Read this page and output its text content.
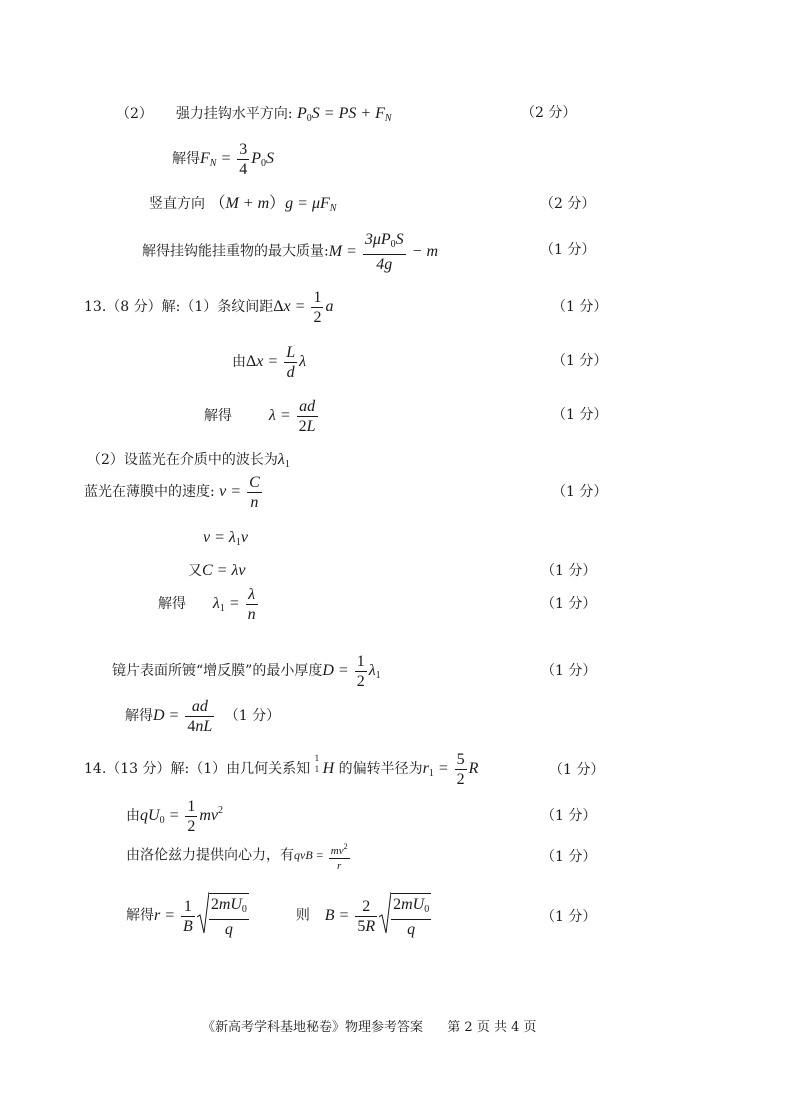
（2） 强力挂钩水平方向: P0S = PS + $F_N$	（2 分）
解得$F_N = \frac{3}{4} P0S$
竖直方向 $(M + m)g = \mu F_N$	（2 分）
解得挂钩能挂重物的最大质量:M = $\frac{3\mu P0S}{4g} - m$	（1 分）
13.（8 分）解:（1）条纹间距$\Delta x = \frac{1}{2}$ a	（1 分）
由$\Delta x = \frac{L}{d}$ λ	（1 分）
解得 $\lambda = \frac{ad}{2L}$	（1 分）
（2）设蓝光在介质中的波长为λ1
蓝光在薄膜中的速度: $v = \frac{C}{n}$	（1 分）
v = λ1ν
又C = λν	（1 分）
解得 $\lambda 1 = \frac{\lambda}{n}$	（1 分）
镜片表面所镀“增反膜”的最小厚度$D = \frac{1}{2} \lambda 1$	（1 分）
解得$D = \frac{ad}{4nL} (1$ 分）
14.（13 分）解:（1）由几何关系知
1
1 H 的偏转半径为$r1 = \frac{5}{2}$ R	（1 分）
由$qU0 = \frac{1}{2} mv^2$	（1 分）
由洛伦兹力提供向心力，有qvB = $\frac{mv^2}{r}$	（1 分）
解得$r = \frac{1}{B} \frac{2mU0}{q}$	则 $B = \frac{2}{5R} \frac{2mU0}{q}$	（1 分）
《新高考学科基地秘卷》物理参考答案 第 2 页 共 4 页
